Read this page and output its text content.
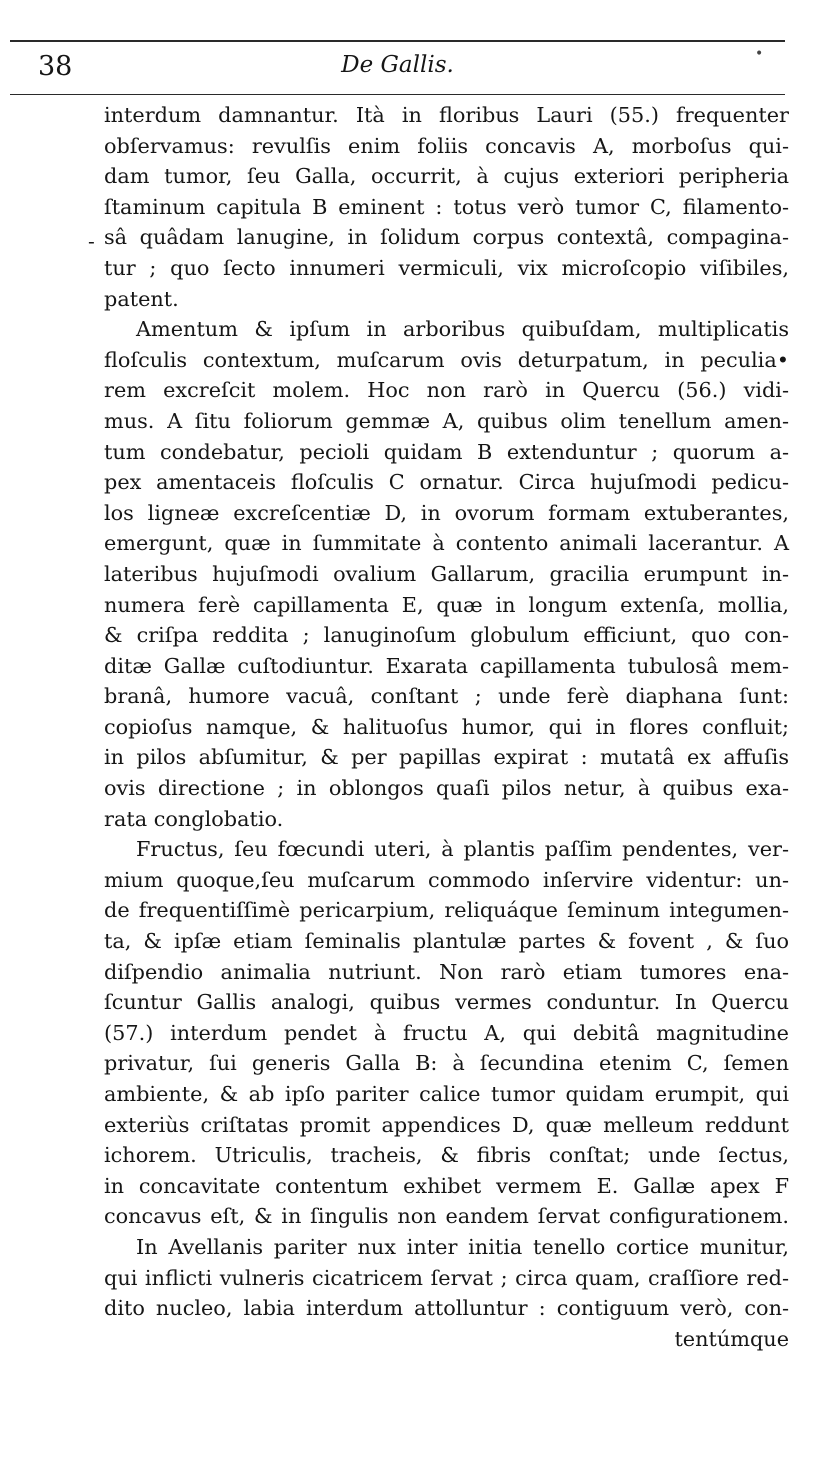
38	De Gallis.	•
-
interdum damnantur. Ità in floribus Lauri (55.) frequenter
obſervamus: revulſis enim foliis concavis A, morboſus qui-
dam tumor, ſeu Galla, occurrit, à cujus exteriori peripheria
ſtaminum capitula B eminent : totus verò tumor C, filamento-
sâ quâdam lanugine, in ſolidum corpus contextâ, compagina-
tur ; quo ſecto innumeri vermiculi, vix microſcopio viſibiles,
patent.
Amentum & ipſum in arboribus quibuſdam, multiplicatis
floſculis contextum, muſcarum ovis deturpatum, in peculia•
rem excreſcit molem. Hoc non rarò in Quercu (56.) vidi-
mus. A ſitu foliorum gemmæ A, quibus olim tenellum amen-
tum condebatur, pecioli quidam B extenduntur ; quorum a-
pex amentaceis floſculis C ornatur. Circa hujuſmodi pedicu-
los ligneæ excreſcentiæ D, in ovorum formam extuberantes,
emergunt, quæ in ſummitate à contento animali lacerantur. A
lateribus hujuſmodi ovalium Gallarum, gracilia erumpunt in-
numera ferè capillamenta E, quæ in longum extenſa, mollia,
& criſpa reddita ; lanuginoſum globulum efficiunt, quo con-
ditæ Gallæ cuſtodiuntur. Exarata capillamenta tubulosâ mem-
branâ, humore vacuâ, conſtant ; unde ferè diaphana ſunt:
copioſus namque, & halituoſus humor, qui in flores confluit;
in pilos abſumitur, & per papillas expirat : mutatâ ex affuſis
ovis directione ; in oblongos quaſi pilos netur, à quibus exa-
rata conglobatio.
Fructus, ſeu fœcundi uteri, à plantis paſſim pendentes, ver-
mium quoque,ſeu muſcarum commodo inſervire videntur: un-
de frequentiſſimè pericarpium, reliquáque ſeminum integumen-
ta, & ipſæ etiam ſeminalis plantulæ partes & fovent , & ſuo
diſpendio animalia nutriunt. Non rarò etiam tumores ena-
ſcuntur Gallis analogi, quibus vermes conduntur. In Quercu
(57.) interdum pendet à fructu A, qui debitâ magnitudine
privatur, ſui generis Galla B: à ſecundina etenim C, ſemen
ambiente, & ab ipſo pariter calice tumor quidam erumpit, qui
exteriùs criſtatas promit appendices D, quæ melleum reddunt
ichorem. Utriculis, tracheis, & fibris conſtat; unde ſectus,
in concavitate contentum exhibet vermem E. Gallæ apex F
concavus eſt, & in ſingulis non eandem ſervat configurationem.
In Avellanis pariter nux inter initia tenello cortice munitur,
qui inflicti vulneris cicatricem ſervat ; circa quam, craſſiore red-
dito nucleo, labia interdum attolluntur : contiguum verò, con-
tentúmque
